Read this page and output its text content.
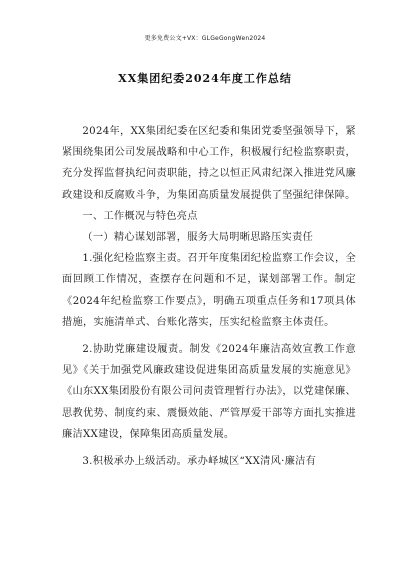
更多免费公文+VX：GLGeGongWen2024
XX集团纪委2024年度工作总结

2024年，XX集团纪委在区纪委和集团党委坚强领导下，紧紧围绕集团公司发展战略和中心工作，积极履行纪检监察职责，充分发挥监督执纪问责职能，持之以恒正风肃纪深入推进党风廉政建设和反腐败斗争，为集团高质量发展提供了坚强纪律保障。

一、工作概况与特色亮点

（一）精心谋划部署，服务大局明晰思路压实责任

1.强化纪检监察主责。召开年度集团纪检监察工作会议，全面回顾工作情况，查摆存在问题和不足，谋划部署工作。制定《2024年纪检监察工作要点》，明确五项重点任务和17项具体措施，实施清单式、台账化落实，压实纪检监察主体责任。

2.协助党廉建设履责。制发《2024年廉洁高效宣教工作意见》《关于加强党风廉政建设促进集团高质量发展的实施意见》《山东XX集团股份有限公司问责管理暂行办法》，以党建保廉、思教优势、制度约束、震慑效能、严管厚爱干部等方面扎实推进廉洁XX建设，保障集团高质量发展。

3.积极承办上级活动。承办峄城区“XX清风·廉洁有
